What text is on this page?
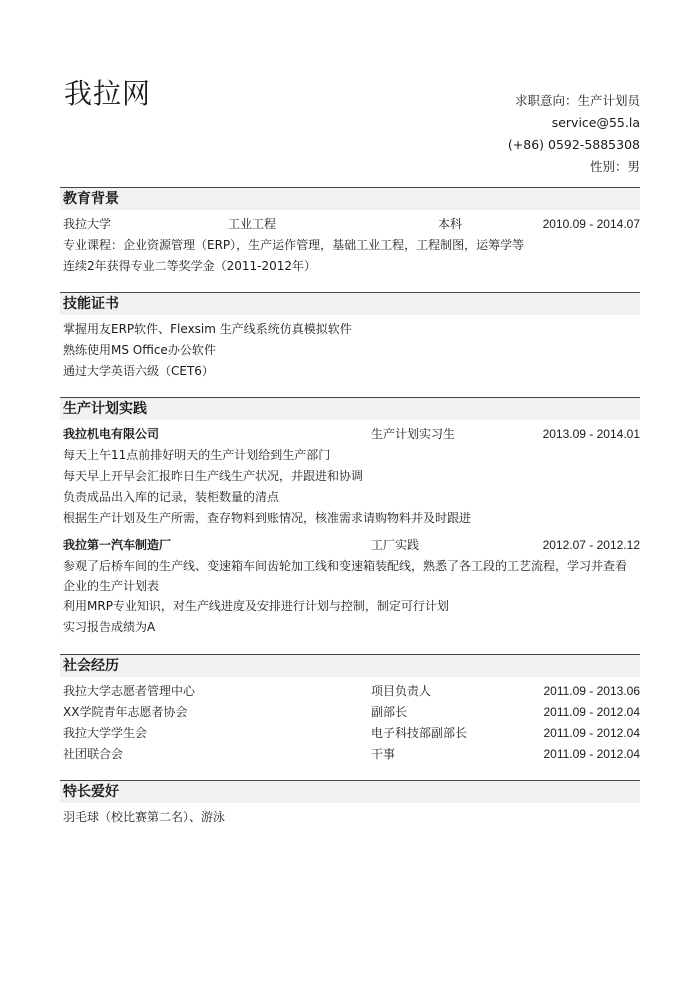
我拉网	求职意向：生产计划员
service@55.la
(+86) 0592-5885308
性别：男
教育背景
我拉大学	工业工程	本科	2010.09 - 2014.07
专业课程：企业资源管理（ERP），生产运作管理，基础工业工程，工程制图，运筹学等
连续2年获得专业二等奖学金（2011-2012年）
技能证书
掌握用友ERP软件、Flexsim 生产线系统仿真模拟软件
熟练使用MS Office办公软件
通过大学英语六级（CET6）
生产计划实践
我拉机电有限公司	生产计划实习生	2013.09 - 2014.01
每天上午11点前排好明天的生产计划给到生产部门
每天早上开早会汇报昨日生产线生产状况，并跟进和协调
负责成品出入库的记录，装柜数量的清点
根据生产计划及生产所需，查存物料到账情况，核准需求请购物料并及时跟进
我拉第一汽车制造厂	工厂实践	2012.07 - 2012.12
参观了后桥车间的生产线、变速箱车间齿轮加工线和变速箱装配线，熟悉了各工段的工艺流程，学习并查看企业的生产计划表
利用MRP专业知识，对生产线进度及安排进行计划与控制，制定可行计划
实习报告成绩为A
社会经历
我拉大学志愿者管理中心	项目负责人	2011.09 - 2013.06
XX学院青年志愿者协会	副部长	2011.09 - 2012.04
我拉大学学生会	电子科技部副部长	2011.09 - 2012.04
社团联合会	干事	2011.09 - 2012.04
特长爱好
羽毛球（校比赛第二名）、游泳
